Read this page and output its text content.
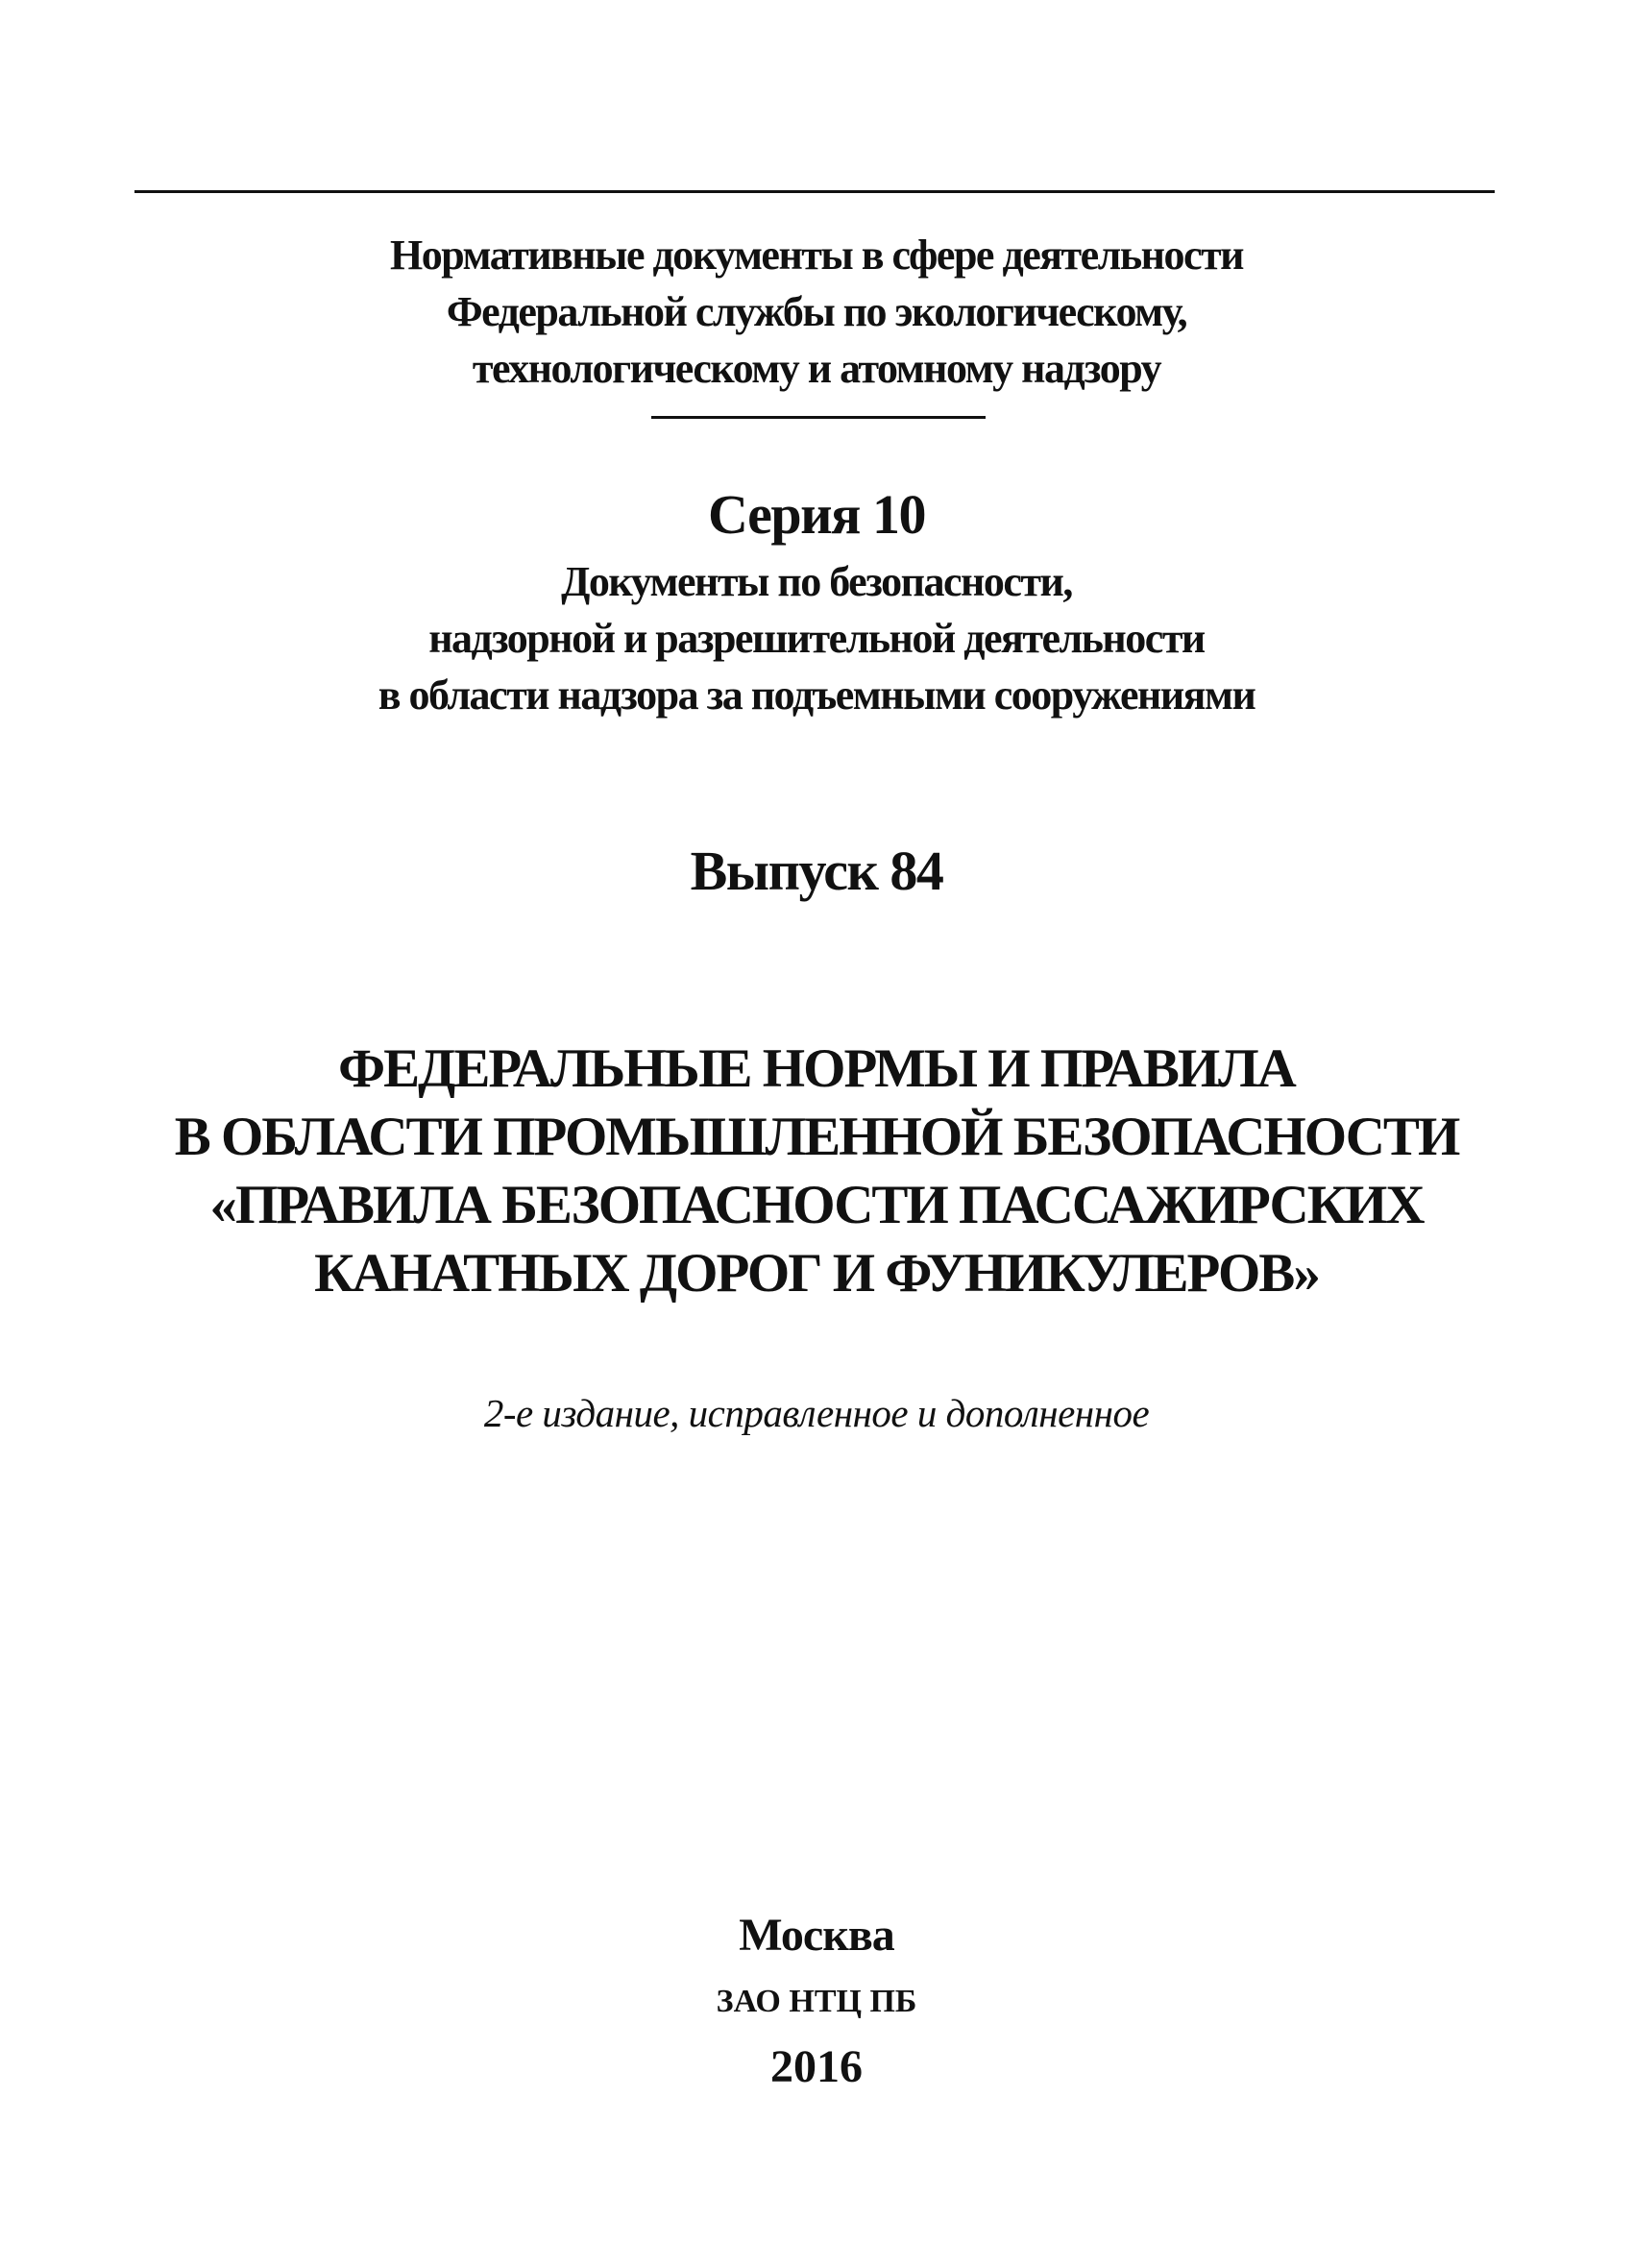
Нормативные документы в сфере деятельности
Федеральной службы по экологическому,
технологическому и атомному надзору
Серия 10
Документы по безопасности,
надзорной и разрешительной деятельности
в области надзора за подъемными сооружениями
Выпуск 84
ФЕДЕРАЛЬНЫЕ НОРМЫ И ПРАВИЛА
В ОБЛАСТИ ПРОМЫШЛЕННОЙ БЕЗОПАСНОСТИ
«ПРАВИЛА БЕЗОПАСНОСТИ ПАССАЖИРСКИХ
КАНАТНЫХ ДОРОГ И ФУНИКУЛЕРОВ»
2-е издание, исправленное и дополненное
Москва
ЗАО НТЦ ПБ
2016
